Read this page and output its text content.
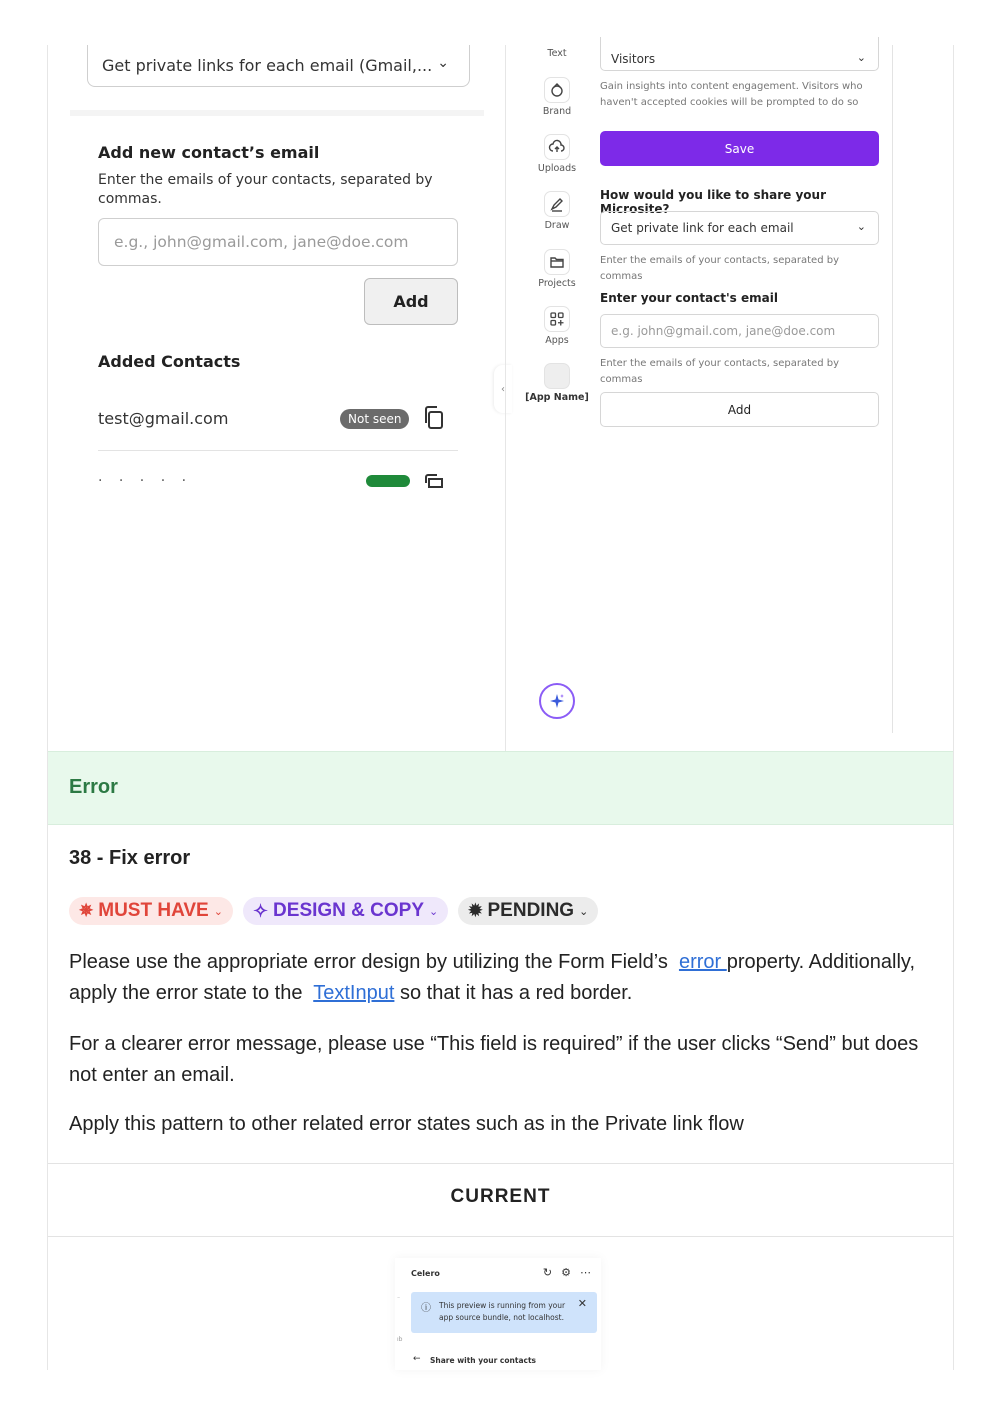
Get private links for each email (Gmail,... ⌄
Add new contact’s email
Enter the emails of your contacts, separated by commas.
e.g., john@gmail.com, jane@doe.com
Add
Added Contacts
test@gmail.com	Not seen
· · · · ·
‹
Text
Brand
Uploads
Draw
Projects
Apps
[App Name]
Visitors	⌄
Gain insights into content engagement. Visitors who haven't accepted cookies will be prompted to do so
Save
How would you like to share your Microsite?
Get private link for each email	⌄
Enter the emails of your contacts, separated by commas
Enter your contact's email
e.g. john@gmail.com, jane@doe.com
Enter the emails of your contacts, separated by commas
Add
Error
38 - Fix error
✵ MUST HAVE ⌄ ✧ DESIGN & COPY ⌄ ✹ PENDING ⌄
Please use the appropriate error design by utilizing the Form Field’s error property. Additionally, apply the error state to the TextInput so that it has a red border.
For a clearer error message, please use “This field is required” if the user clicks “Send” but does not enter an email.
Apply this pattern to other related error states such as in the Private link flow
CURRENT
Celero	↻ ⚙ ⋯
⁻
ⓘ This preview is running from your app source bundle, not localhost.
✕
ıb
← Share with your contacts
